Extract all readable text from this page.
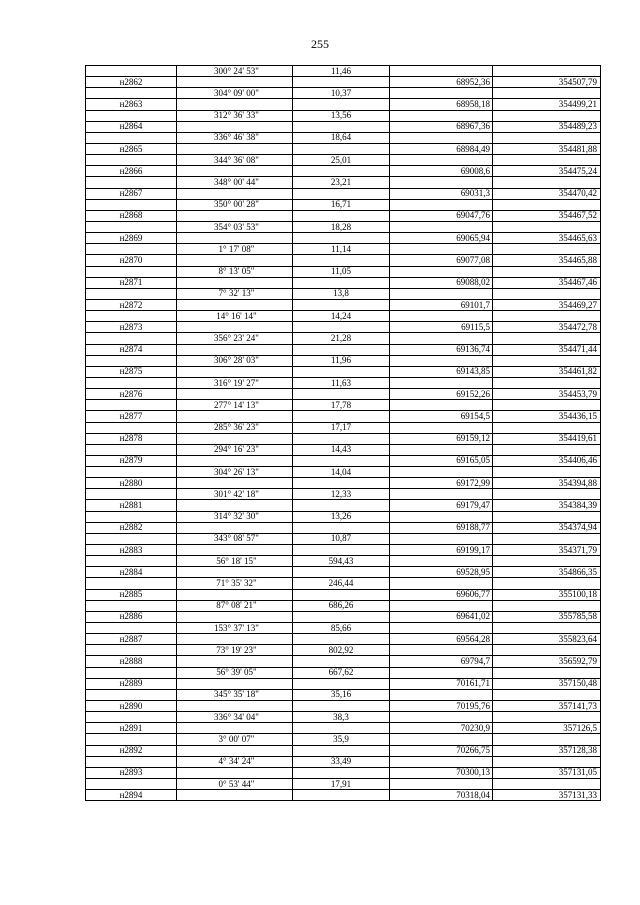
255
	300° 24' 53"	11,46		
н2862			68952,36	354507,79
	304° 09' 00"	10,37		
н2863			68958,18	354499,21
	312° 36' 33"	13,56		
н2864			68967,36	354489,23
	336° 46' 38"	18,64		
н2865			68984,49	354481,88
	344° 36' 08"	25,01		
н2866			69008,6	354475,24
	348° 00' 44"	23,21		
н2867			69031,3	354470,42
	350° 00' 28"	16,71		
н2868			69047,76	354467,52
	354° 03' 53"	18,28		
н2869			69065,94	354465,63
	1° 17' 08"	11,14		
н2870			69077,08	354465,88
	8° 13' 05"	11,05		
н2871			69088,02	354467,46
	7° 32' 13"	13,8		
н2872			69101,7	354469,27
	14° 16' 14"	14,24		
н2873			69115,5	354472,78
	356° 23' 24"	21,28		
н2874			69136,74	354471,44
	306° 28' 03"	11,96		
н2875			69143,85	354461,82
	316° 19' 27"	11,63		
н2876			69152,26	354453,79
	277° 14' 13"	17,78		
н2877			69154,5	354436,15
	285° 36' 23"	17,17		
н2878			69159,12	354419,61
	294° 16' 23"	14,43		
н2879			69165,05	354406,46
	304° 26' 13"	14,04		
н2880			69172,99	354394,88
	301° 42' 18"	12,33		
н2881			69179,47	354384,39
	314° 32' 30"	13,26		
н2882			69188,77	354374,94
	343° 08' 57"	10,87		
н2883			69199,17	354371,79
	56° 18' 15"	594,43		
н2884			69528,95	354866,35
	71° 35' 32"	246,44		
н2885			69606,77	355100,18
	87° 08' 21"	686,26		
н2886			69641,02	355785,58
	153° 37' 13"	85,66		
н2887			69564,28	355823,64
	73° 19' 23"	802,92		
н2888			69794,7	356592,79
	56° 39' 05"	667,62		
н2889			70161,71	357150,48
	345° 35' 18"	35,16		
н2890			70195,76	357141,73
	336° 34' 04"	38,3		
н2891			70230,9	357126,5
	3° 00' 07"	35,9		
н2892			70266,75	357128,38
	4° 34' 24"	33,49		
н2893			70300,13	357131,05
	0° 53' 44"	17,91		
н2894			70318,04	357131,33
